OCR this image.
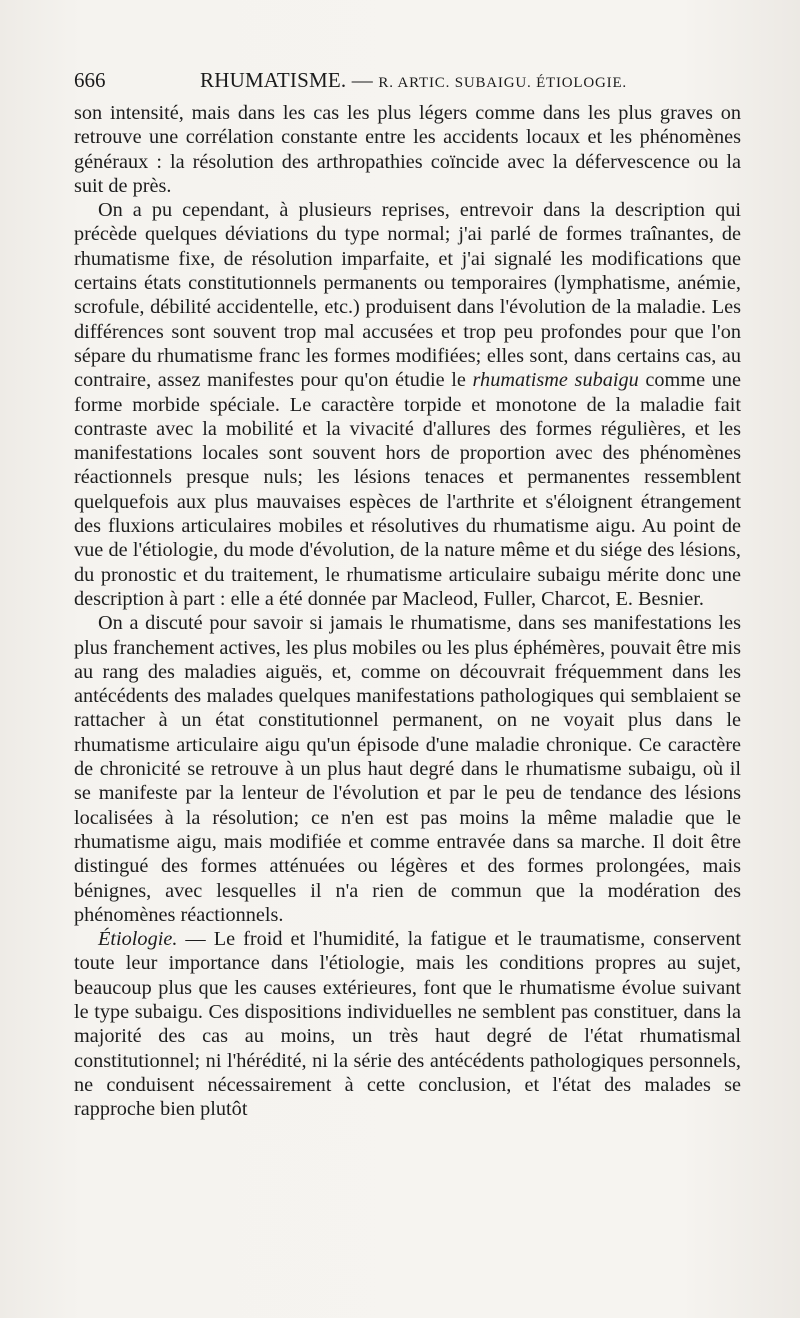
666	RHUMATISME. — R. ARTIC. SUBAIGU. ÉTIOLOGIE.

son intensité, mais dans les cas les plus légers comme dans les plus graves on retrouve une corrélation constante entre les accidents locaux et les phénomènes généraux : la résolution des arthropathies coïncide avec la défervescence ou la suit de près.

On a pu cependant, à plusieurs reprises, entrevoir dans la description qui précède quelques déviations du type normal; j'ai parlé de formes traînantes, de rhumatisme fixe, de résolution imparfaite, et j'ai signalé les modifications que certains états constitutionnels permanents ou temporaires (lymphatisme, anémie, scrofule, débilité accidentelle, etc.) produisent dans l'évolution de la maladie. Les différences sont souvent trop mal accusées et trop peu profondes pour que l'on sépare du rhumatisme franc les formes modifiées; elles sont, dans certains cas, au contraire, assez manifestes pour qu'on étudie le rhumatisme subaigu comme une forme morbide spéciale. Le caractère torpide et monotone de la maladie fait contraste avec la mobilité et la vivacité d'allures des formes régulières, et les manifestations locales sont souvent hors de proportion avec des phénomènes réactionnels presque nuls; les lésions tenaces et permanentes ressemblent quelquefois aux plus mauvaises espèces de l'arthrite et s'éloignent étrangement des fluxions articulaires mobiles et résolutives du rhumatisme aigu. Au point de vue de l'étiologie, du mode d'évolution, de la nature même et du siége des lésions, du pronostic et du traitement, le rhumatisme articulaire subaigu mérite donc une description à part : elle a été donnée par Macleod, Fuller, Charcot, E. Besnier.

On a discuté pour savoir si jamais le rhumatisme, dans ses manifestations les plus franchement actives, les plus mobiles ou les plus éphémères, pouvait être mis au rang des maladies aiguës, et, comme on découvrait fréquemment dans les antécédents des malades quelques manifestations pathologiques qui semblaient se rattacher à un état constitutionnel permanent, on ne voyait plus dans le rhumatisme articulaire aigu qu'un épisode d'une maladie chronique. Ce caractère de chronicité se retrouve à un plus haut degré dans le rhumatisme subaigu, où il se manifeste par la lenteur de l'évolution et par le peu de tendance des lésions localisées à la résolution; ce n'en est pas moins la même maladie que le rhumatisme aigu, mais modifiée et comme entravée dans sa marche. Il doit être distingué des formes atténuées ou légères et des formes prolongées, mais bénignes, avec lesquelles il n'a rien de commun que la modération des phénomènes réactionnels.

Étiologie. — Le froid et l'humidité, la fatigue et le traumatisme, conservent toute leur importance dans l'étiologie, mais les conditions propres au sujet, beaucoup plus que les causes extérieures, font que le rhumatisme évolue suivant le type subaigu. Ces dispositions individuelles ne semblent pas constituer, dans la majorité des cas au moins, un très haut degré de l'état rhumatismal constitutionnel; ni l'hérédité, ni la série des antécédents pathologiques personnels, ne conduisent nécessairement à cette conclusion, et l'état des malades se rapproche bien plutôt
